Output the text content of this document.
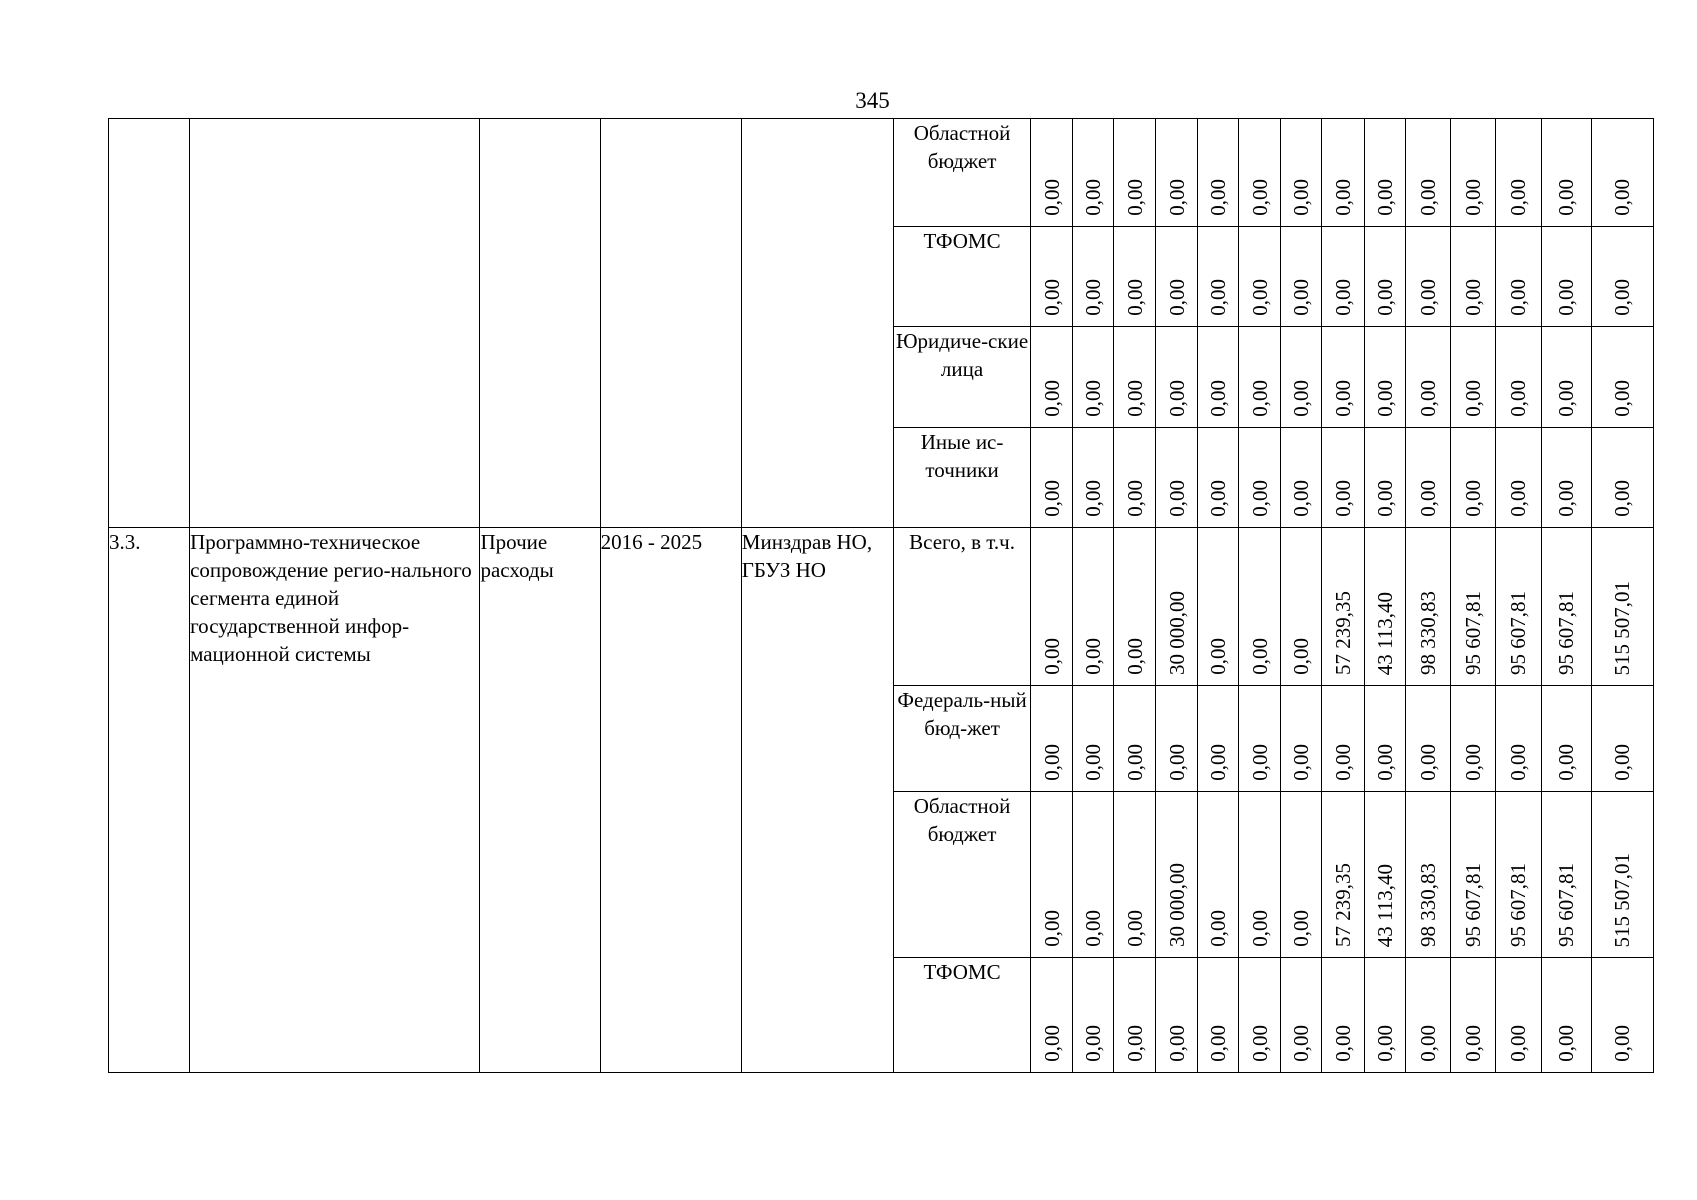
345
					Областной бюджет	0,00	0,00	0,00	0,00	0,00	0,00	0,00	0,00	0,00	0,00	0,00	0,00	0,00	0,00

					ТФОМС	0,00	0,00	0,00	0,00	0,00	0,00	0,00	0,00	0,00	0,00	0,00	0,00	0,00	0,00

					Юридиче-ские лица	0,00	0,00	0,00	0,00	0,00	0,00	0,00	0,00	0,00	0,00	0,00	0,00	0,00	0,00

					Иные ис-точники	0,00	0,00	0,00	0,00	0,00	0,00	0,00	0,00	0,00	0,00	0,00	0,00	0,00	0,00

3.3.	Программно-техническое сопровождение регио-нального сегмента единой государственной инфор-мационной системы	Прочие расходы	2016 - 2025	Минздрав НО, ГБУЗ НО	Всего, в т.ч.	0,00	0,00	0,00	30 000,00	0,00	0,00	0,00	57 239,35	43 113,40	98 330,83	95 607,81	95 607,81	95 607,81	515 507,01

					Федераль-ный бюд-жет	0,00	0,00	0,00	0,00	0,00	0,00	0,00	0,00	0,00	0,00	0,00	0,00	0,00	0,00

					Областной бюджет	0,00	0,00	0,00	30 000,00	0,00	0,00	0,00	57 239,35	43 113,40	98 330,83	95 607,81	95 607,81	95 607,81	515 507,01

					ТФОМС	0,00	0,00	0,00	0,00	0,00	0,00	0,00	0,00	0,00	0,00	0,00	0,00	0,00	0,00
